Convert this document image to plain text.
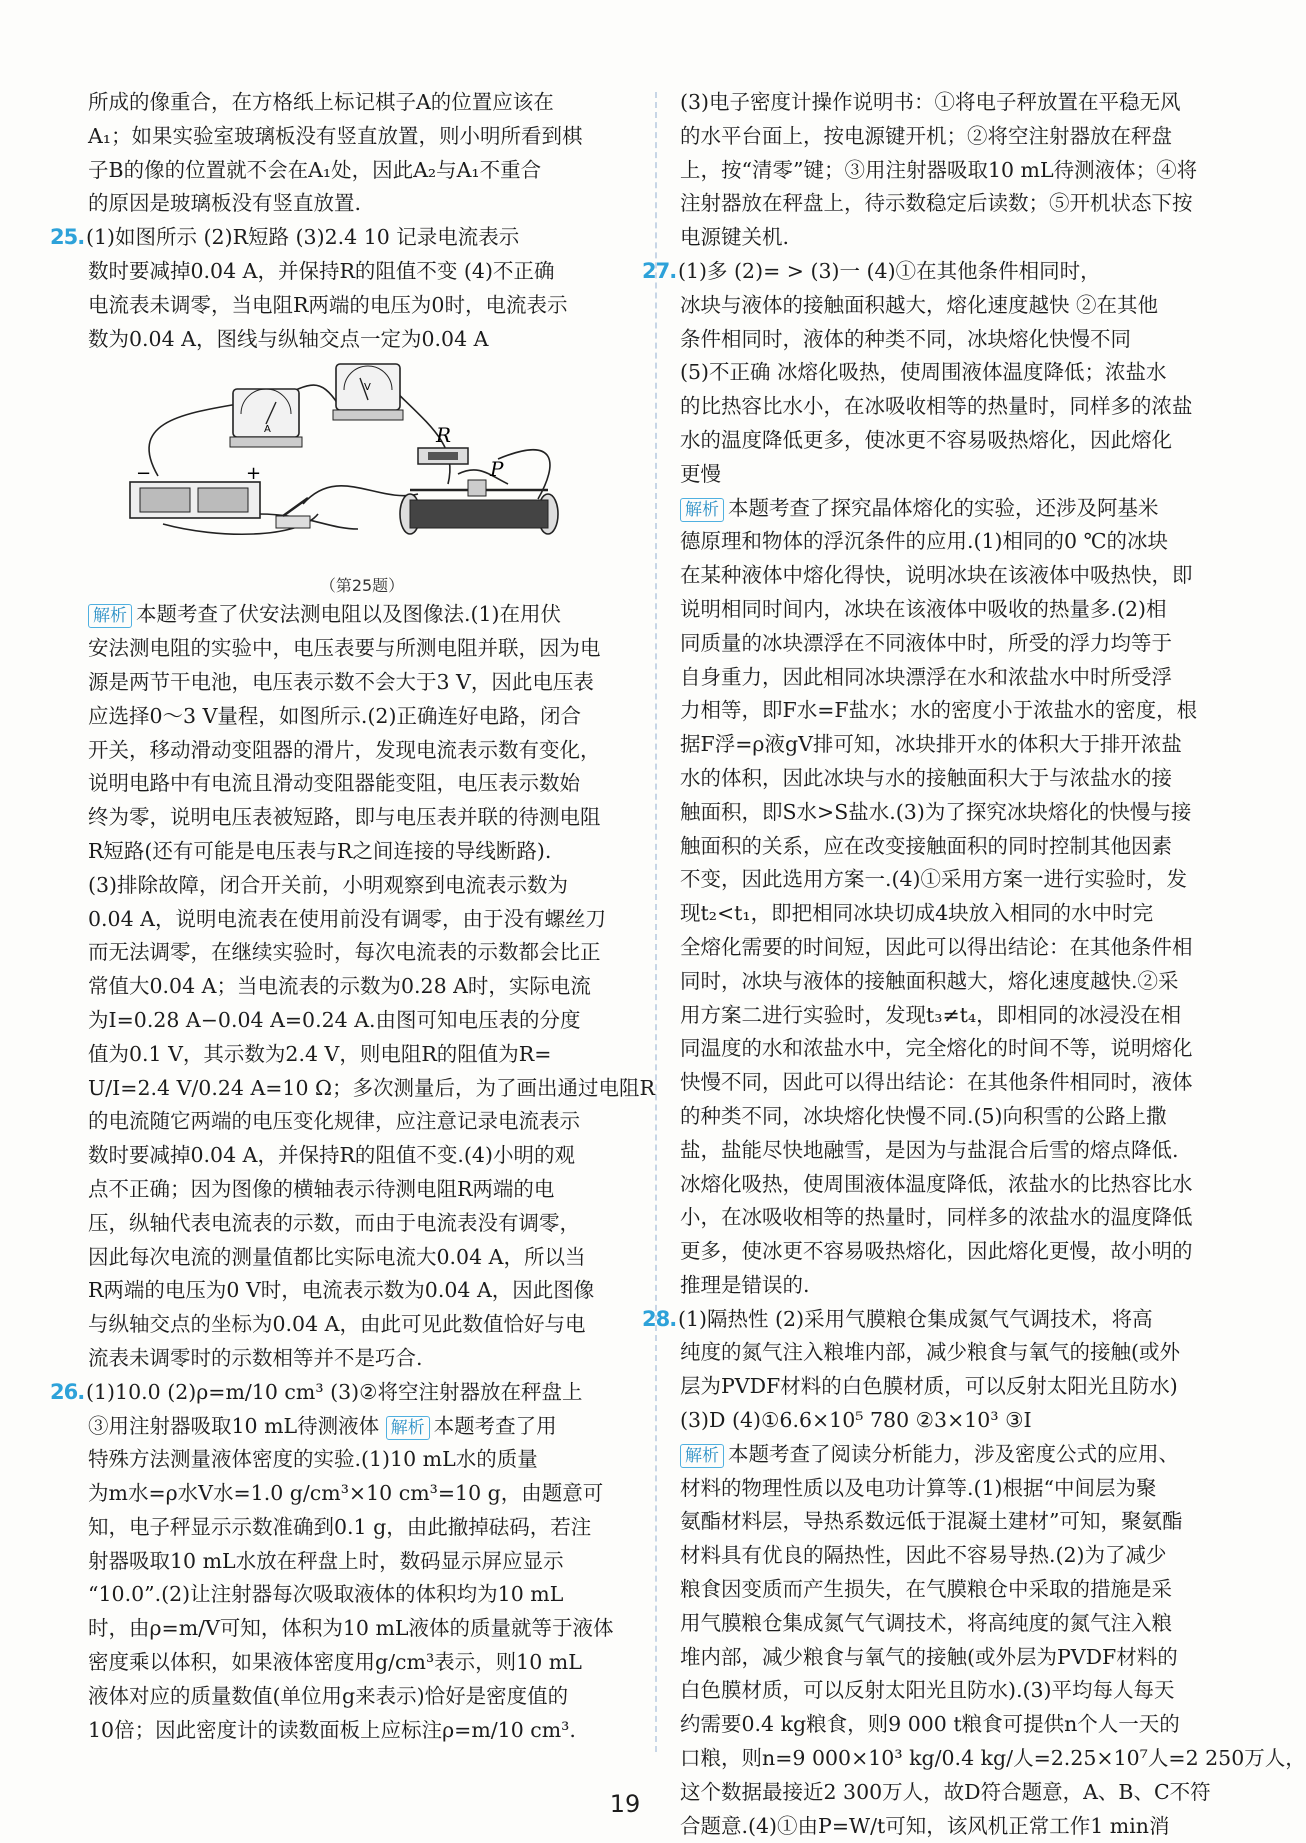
所成的像重合，在方格纸上标记棋子A的位置应该在
A₁；如果实验室玻璃板没有竖直放置，则小明所看到棋
子B的像的位置就不会在A₁处，因此A₂与A₁不重合
的原因是玻璃板没有竖直放置.
25.(1)如图所示 (2)R短路 (3)2.4 10 记录电流表示
数时要减掉0.04 A，并保持R的阻值不变 (4)不正确
电流表未调零，当电阻R两端的电压为0时，电流表示
数为0.04 A，图线与纵轴交点一定为0.04 A
A
V
R
−	+	P
（第25题）
解析 本题考查了伏安法测电阻以及图像法.(1)在用伏
安法测电阻的实验中，电压表要与所测电阻并联，因为电
源是两节干电池，电压表示数不会大于3 V，因此电压表
应选择0～3 V量程，如图所示.(2)正确连好电路，闭合
开关，移动滑动变阻器的滑片，发现电流表示数有变化，
说明电路中有电流且滑动变阻器能变阻，电压表示数始
终为零，说明电压表被短路，即与电压表并联的待测电阻
R短路(还有可能是电压表与R之间连接的导线断路).
(3)排除故障，闭合开关前，小明观察到电流表示数为
0.04 A，说明电流表在使用前没有调零，由于没有螺丝刀
而无法调零，在继续实验时，每次电流表的示数都会比正
常值大0.04 A；当电流表的示数为0.28 A时，实际电流
为I=0.28 A−0.04 A=0.24 A.由图可知电压表的分度
值为0.1 V，其示数为2.4 V，则电阻R的阻值为R=
U/I=2.4 V/0.24 A=10 Ω；多次测量后，为了画出通过电阻R
的电流随它两端的电压变化规律，应注意记录电流表示
数时要减掉0.04 A，并保持R的阻值不变.(4)小明的观
点不正确；因为图像的横轴表示待测电阻R两端的电
压，纵轴代表电流表的示数，而由于电流表没有调零，
因此每次电流的测量值都比实际电流大0.04 A，所以当
R两端的电压为0 V时，电流表示数为0.04 A，因此图像
与纵轴交点的坐标为0.04 A，由此可见此数值恰好与电
流表未调零时的示数相等并不是巧合.
26.(1)10.0 (2)ρ=m/10 cm³ (3)②将空注射器放在秤盘上
③用注射器吸取10 mL待测液体 解析 本题考查了用
特殊方法测量液体密度的实验.(1)10 mL水的质量
为m水=ρ水V水=1.0 g/cm³×10 cm³=10 g，由题意可
知，电子秤显示示数准确到0.1 g，由此撤掉砝码，若注
射器吸取10 mL水放在秤盘上时，数码显示屏应显示
“10.0”.(2)让注射器每次吸取液体的体积均为10 mL
时，由ρ=m/V可知，体积为10 mL液体的质量就等于液体
密度乘以体积，如果液体密度用g/cm³表示，则10 mL
液体对应的质量数值(单位用g来表示)恰好是密度值的
10倍；因此密度计的读数面板上应标注ρ=m/10 cm³.
(3)电子密度计操作说明书：①将电子秤放置在平稳无风
的水平台面上，按电源键开机；②将空注射器放在秤盘
上，按“清零”键；③用注射器吸取10 mL待测液体；④将
注射器放在秤盘上，待示数稳定后读数；⑤开机状态下按
电源键关机.
27.(1)多 (2)= > (3)一 (4)①在其他条件相同时，
冰块与液体的接触面积越大，熔化速度越快 ②在其他
条件相同时，液体的种类不同，冰块熔化快慢不同
(5)不正确 冰熔化吸热，使周围液体温度降低；浓盐水
的比热容比水小，在冰吸收相等的热量时，同样多的浓盐
水的温度降低更多，使冰更不容易吸热熔化，因此熔化
更慢
解析 本题考查了探究晶体熔化的实验，还涉及阿基米
德原理和物体的浮沉条件的应用.(1)相同的0 ℃的冰块
在某种液体中熔化得快，说明冰块在该液体中吸热快，即
说明相同时间内，冰块在该液体中吸收的热量多.(2)相
同质量的冰块漂浮在不同液体中时，所受的浮力均等于
自身重力，因此相同冰块漂浮在水和浓盐水中时所受浮
力相等，即F水=F盐水；水的密度小于浓盐水的密度，根
据F浮=ρ液gV排可知，冰块排开水的体积大于排开浓盐
水的体积，因此冰块与水的接触面积大于与浓盐水的接
触面积，即S水>S盐水.(3)为了探究冰块熔化的快慢与接
触面积的关系，应在改变接触面积的同时控制其他因素
不变，因此选用方案一.(4)①采用方案一进行实验时，发
现t₂<t₁，即把相同冰块切成4块放入相同的水中时完
全熔化需要的时间短，因此可以得出结论：在其他条件相
同时，冰块与液体的接触面积越大，熔化速度越快.②采
用方案二进行实验时，发现t₃≠t₄，即相同的冰浸没在相
同温度的水和浓盐水中，完全熔化的时间不等，说明熔化
快慢不同，因此可以得出结论：在其他条件相同时，液体
的种类不同，冰块熔化快慢不同.(5)向积雪的公路上撒
盐，盐能尽快地融雪，是因为与盐混合后雪的熔点降低.
冰熔化吸热，使周围液体温度降低，浓盐水的比热容比水
小，在冰吸收相等的热量时，同样多的浓盐水的温度降低
更多，使冰更不容易吸热熔化，因此熔化更慢，故小明的
推理是错误的.
28.(1)隔热性 (2)采用气膜粮仓集成氮气气调技术，将高
纯度的氮气注入粮堆内部，减少粮食与氧气的接触(或外
层为PVDF材料的白色膜材质，可以反射太阳光且防水)
(3)D (4)①6.6×10⁵ 780 ②3×10³ ③Ⅰ
解析 本题考查了阅读分析能力，涉及密度公式的应用、
材料的物理性质以及电功计算等.(1)根据“中间层为聚
氨酯材料层，导热系数远低于混凝土建材”可知，聚氨酯
材料具有优良的隔热性，因此不容易导热.(2)为了减少
粮食因变质而产生损失，在气膜粮仓中采取的措施是采
用气膜粮仓集成氮气气调技术，将高纯度的氮气注入粮
堆内部，减少粮食与氧气的接触(或外层为PVDF材料的
白色膜材质，可以反射太阳光且防水).(3)平均每人每天
约需要0.4 kg粮食，则9 000 t粮食可提供n个人一天的
口粮，则n=9 000×10³ kg/0.4 kg/人=2.25×10⁷人=2 250万人，
这个数据最接近2 300万人，故D符合题意，A、B、C不符
合题意.(4)①由P=W/t可知，该风机正常工作1 min消
19
